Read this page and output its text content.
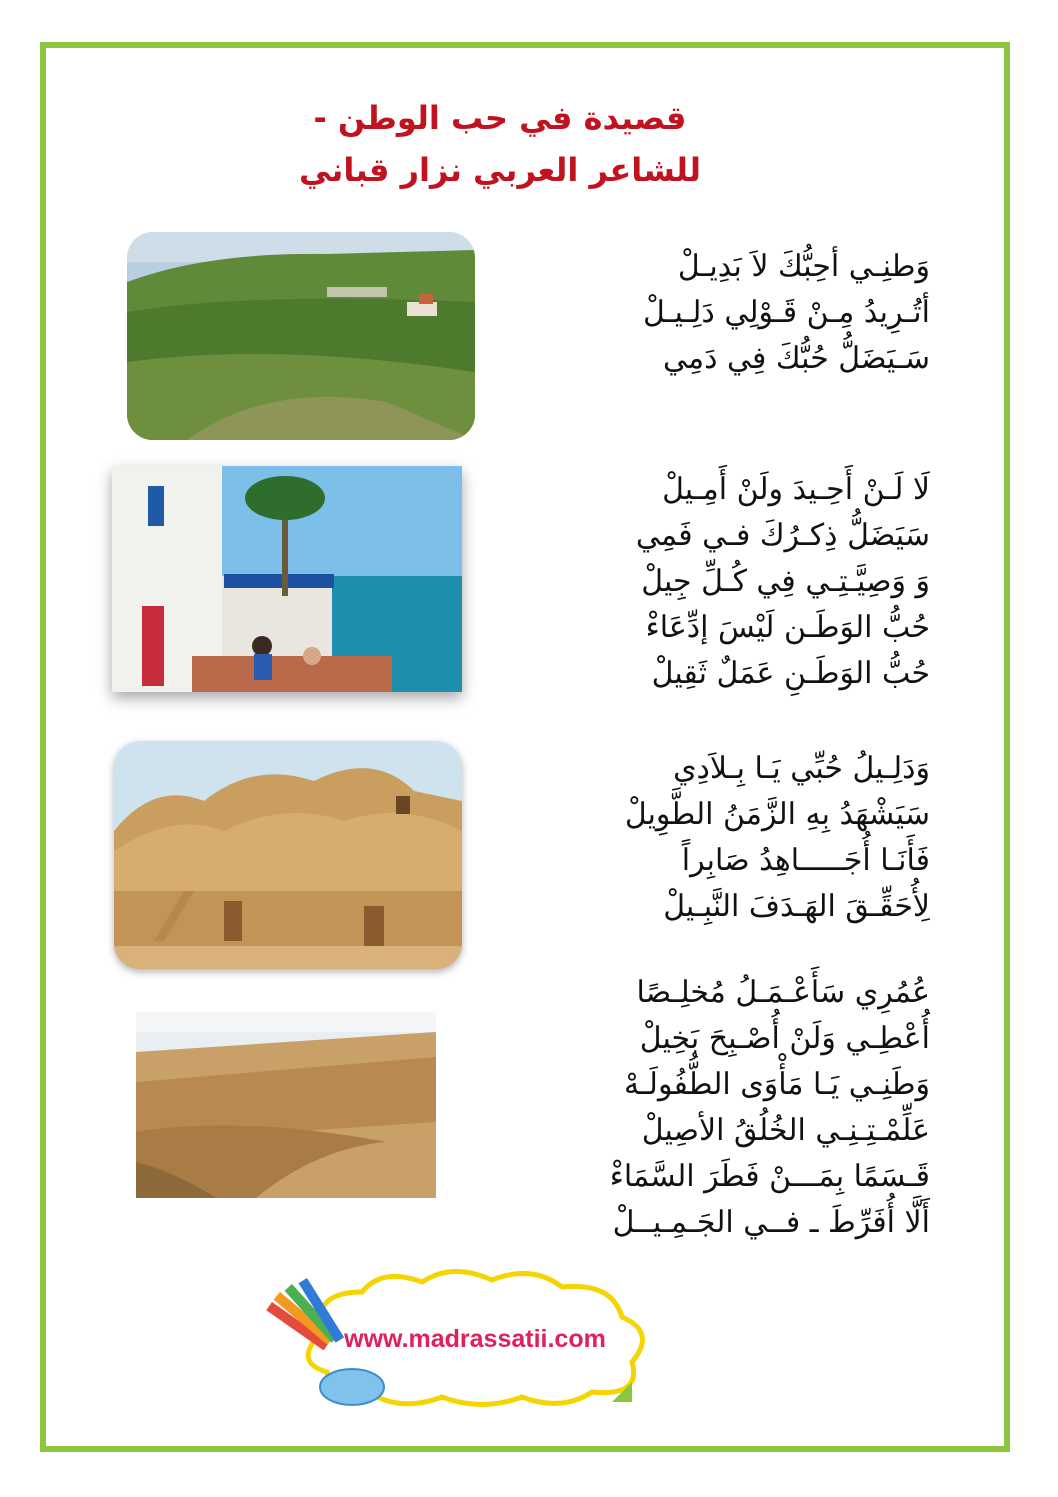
قصيدة في حب الوطن -
للشاعر العربي نزار قباني
وَطنِـي أحِبُّكَ لاَ بَدِيـلْ
أتُـرِيدُ مِـنْ قَـوْلِي دَلِـيـلْ
سَـيَضَلُّ حُبُّكَ فِي دَمِي
لَا لَـنْ أَحِـيدَ ولَنْ أَمِـيلْ
سَيَضَلُّ ذِكـرُكَ فـي فَمِي
وَ وَصِيَّـتِـي فِي كُـلِّ جِيلْ
حُبُّ الوَطَـن لَيْسَ إدِّعَاءْ
حُبُّ الوَطَـنِ عَمَلٌ ثَقِيلْ
وَدَلِـيلُ حُبِّي يَـا بِـلاَدِي
سَيَشْهَدُ بِهِ الزَّمَنُ الطَّوِيلْ
فَأَنَـا أُجَـــــاهِدُ صَابِراً
لِأُحَقِّـقَ الهَـدَفَ النَّبِـيلْ
عُمُرِي سَأَعْـمَـلُ مُخلِـصًا
أُعْطِـي وَلَنْ أُصْـبِحَ بَخِيلْ
وَطَنِـي يَـا مَأْوَى الطُّفُولَـهْ
عَلِّمْـتِـنِـي الخُلُقُ الأصِيلْ
قَـسَمًا بِمَـــنْ فَطَرَ السَّمَاءْ
أَلَّا أُفَرِّطَ ـ فــي الجَـمِـيــلْ
www.madrassatii.com
